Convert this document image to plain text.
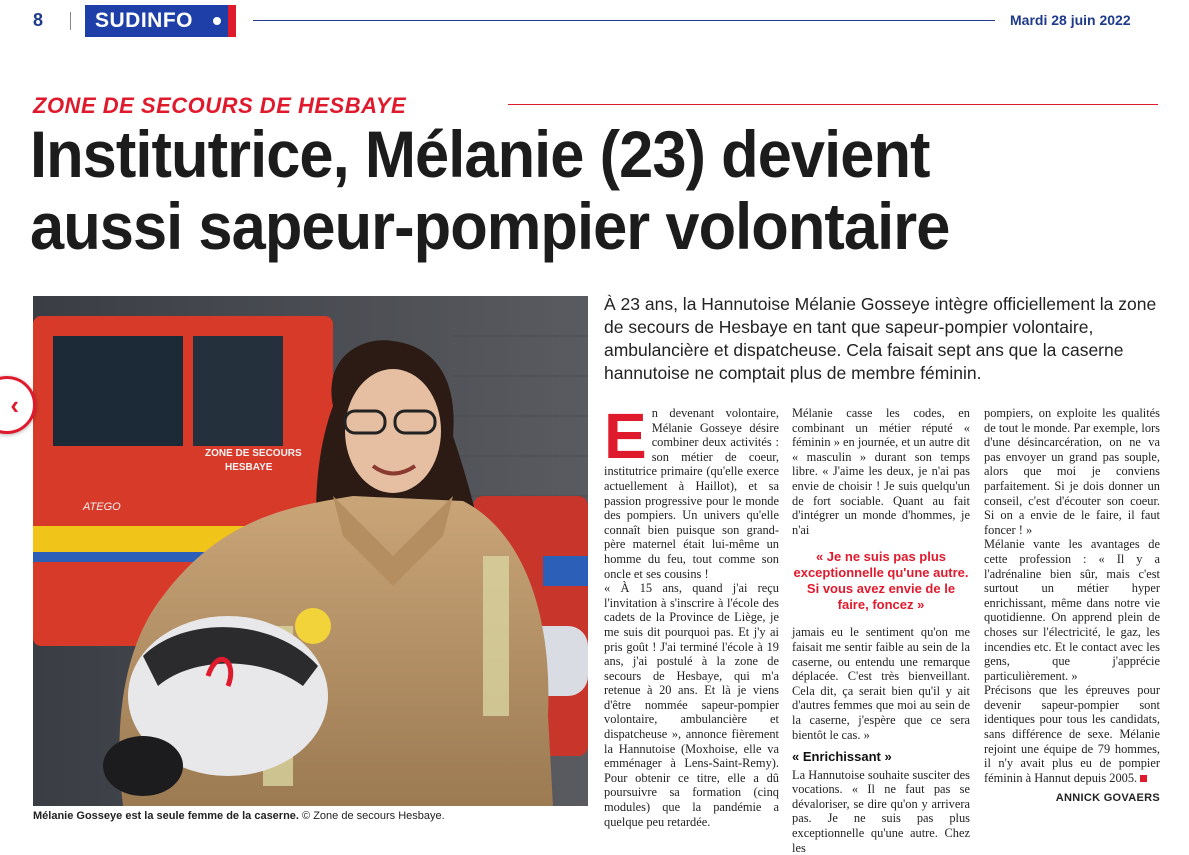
8 SUDINFO	Mardi 28 juin 2022
ZONE DE SECOURS DE HESBAYE
Institutrice, Mélanie (23) devient
aussi sapeur-pompier volontaire
ZONE DE SECOURS
HESBAYE
ATEGO
Mélanie Gosseye est la seule femme de la caserne. © Zone de secours Hesbaye.
‹
À 23 ans, la Hannutoise Mélanie Gosseye intègre officiellement la zone de secours de Hesbaye en tant que sapeur-pompier volontaire, ambulancière et dispatcheuse. Cela faisait sept ans que la caserne hannutoise ne comptait plus de membre féminin.
E n devenant volontaire, Mélanie Gosseye désire combiner deux activités : son métier de coeur, institutrice primaire (qu'elle exerce actuellement à Haillot), et sa passion progressive pour le monde des pompiers. Un univers qu'elle connaît bien puisque son grand-père maternel était lui-même un homme du feu, tout comme son oncle et ses cousins !

« À 15 ans, quand j'ai reçu l'invitation à s'inscrire à l'école des cadets de la Province de Liège, je me suis dit pourquoi pas. Et j'y ai pris goût ! J'ai terminé l'école à 19 ans, j'ai postulé à la zone de secours de Hesbaye, qui m'a retenue à 20 ans. Et là je viens d'être nommée sapeur-pompier volontaire, ambulancière et dispatcheuse », annonce fièrement la Hannutoise (Moxhoise, elle va emménager à Lens-Saint-Remy). Pour obtenir ce titre, elle a dû poursuivre sa formation (cinq modules) que la pandémie a quelque peu retardée.

Mélanie casse les codes, en combinant un métier réputé « féminin » en journée, et un autre dit « masculin » durant son temps libre. « J'aime les deux, je n'ai pas envie de choisir ! Je suis quelqu'un de fort sociable. Quant au fait d'intégrer un monde d'hommes, je n'ai

« Je ne suis pas plus exceptionnelle qu'une autre. Si vous avez envie de le faire, foncez »

jamais eu le sentiment qu'on me faisait me sentir faible au sein de la caserne, ou entendu une remarque déplacée. C'est très bienveillant. Cela dit, ça serait bien qu'il y ait d'autres femmes que moi au sein de la caserne, j'espère que ce sera bientôt le cas. »

« Enrichissant »

La Hannutoise souhaite susciter des vocations. « Il ne faut pas se dévaloriser, se dire qu'on y arrivera pas. Je ne suis pas plus exceptionnelle qu'une autre. Chez les

pompiers, on exploite les qualités de tout le monde. Par exemple, lors d'une désincarcération, on ne va pas envoyer un grand pas souple, alors que moi je conviens parfaitement. Si je dois donner un conseil, c'est d'écouter son coeur. Si on a envie de le faire, il faut foncer ! »

Mélanie vante les avantages de cette profession : « Il y a l'adrénaline bien sûr, mais c'est surtout un métier hyper enrichissant, même dans notre vie quotidienne. On apprend plein de choses sur l'électricité, le gaz, les incendies etc. Et le contact avec les gens, que j'apprécie particulièrement. »

Précisons que les épreuves pour devenir sapeur-pompier sont identiques pour tous les candidats, sans différence de sexe. Mélanie rejoint une équipe de 79 hommes, il n'y avait plus eu de pompier féminin à Hannut depuis 2005.

ANNICK GOVAERS
